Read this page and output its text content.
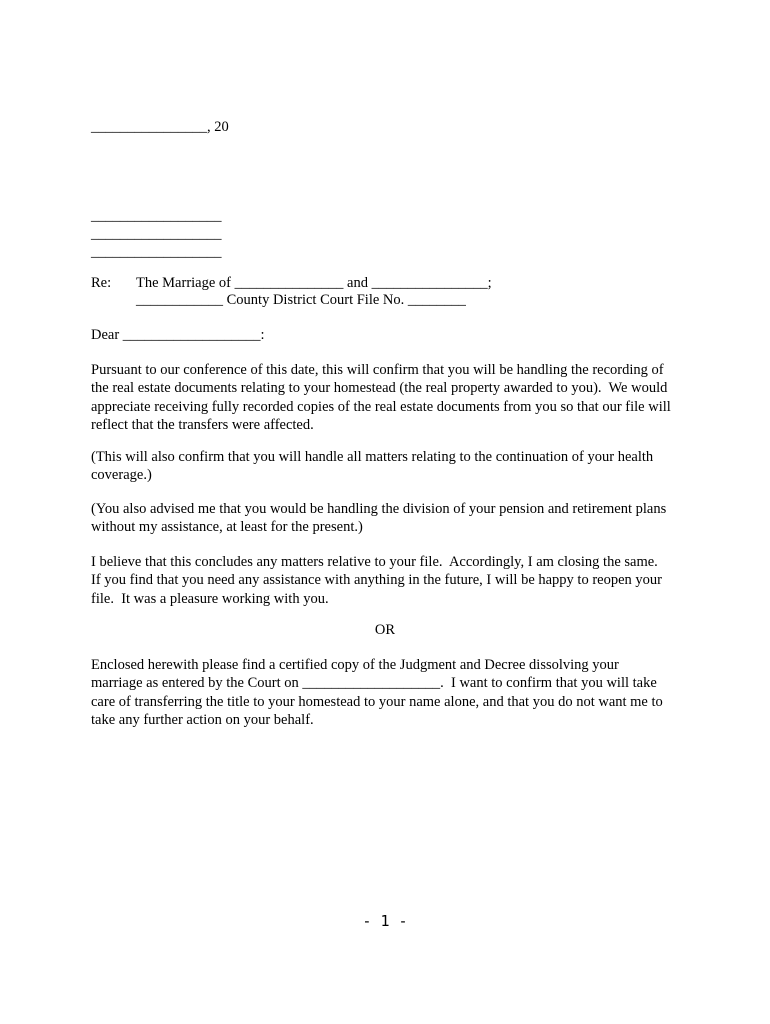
________________, 20
__________________
__________________
__________________
Re: The Marriage of _______________ and ________________;
____________ County District Court File No. ________
Dear ___________________:
Pursuant to our conference of this date, this will confirm that you will be handling the recording of
the real estate documents relating to your homestead (the real property awarded to you).  We would
appreciate receiving fully recorded copies of the real estate documents from you so that our file will
reflect that the transfers were affected.
(This will also confirm that you will handle all matters relating to the continuation of your health
coverage.)
(You also advised me that you would be handling the division of your pension and retirement plans
without my assistance, at least for the present.)
I believe that this concludes any matters relative to your file.  Accordingly, I am closing the same.
If you find that you need any assistance with anything in the future, I will be happy to reopen your
file.  It was a pleasure working with you.
OR
Enclosed herewith please find a certified copy of the Judgment and Decree dissolving your
marriage as entered by the Court on ___________________.  I want to confirm that you will take
care of transferring the title to your homestead to your name alone, and that you do not want me to
take any further action on your behalf.
- 1 -
